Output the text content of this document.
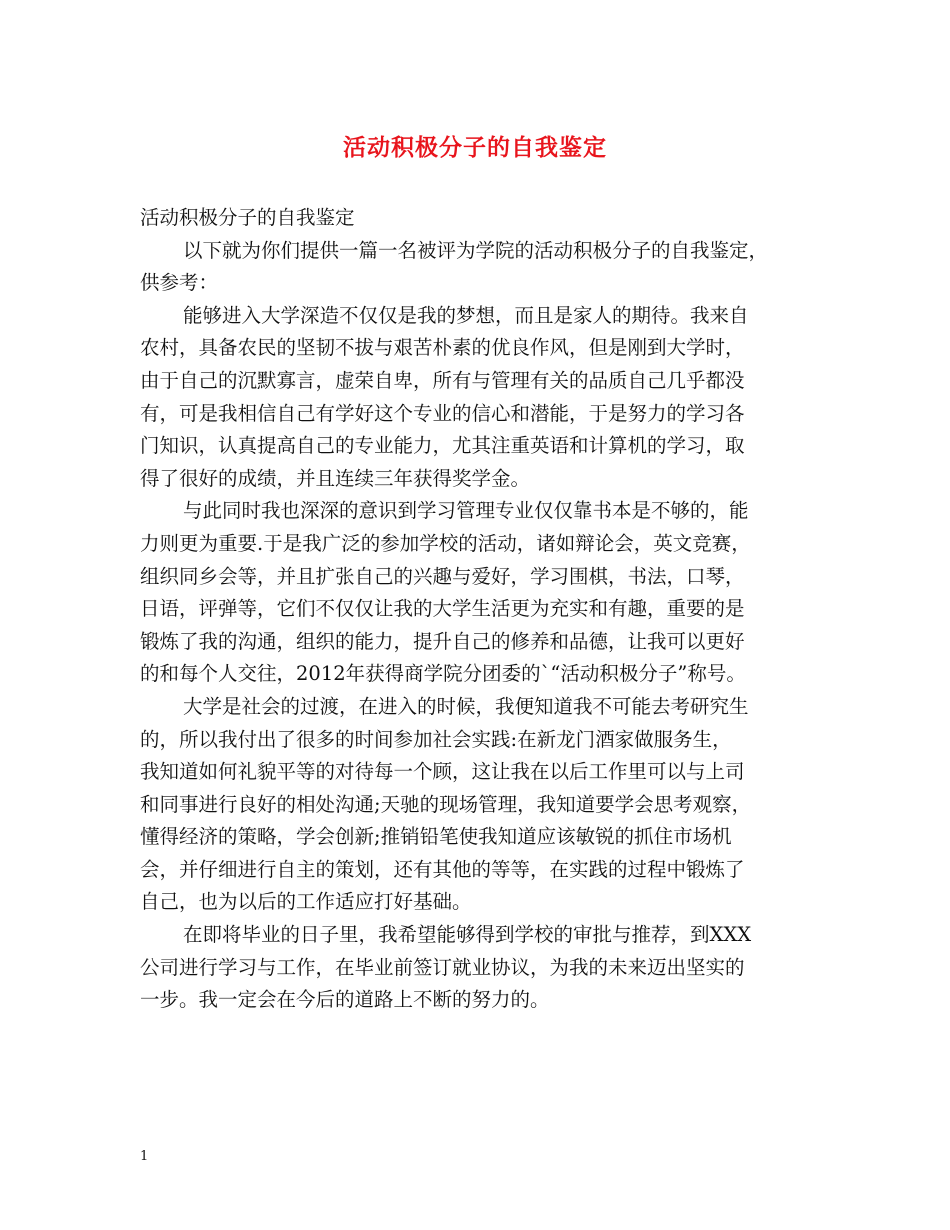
活动积极分子的自我鉴定
活动积极分子的自我鉴定
以下就为你们提供一篇一名被评为学院的活动积极分子的自我鉴定，
供参考：
能够进入大学深造不仅仅是我的梦想，而且是家人的期待。我来自
农村，具备农民的坚韧不拔与艰苦朴素的优良作风，但是刚到大学时，
由于自己的沉默寡言，虚荣自卑，所有与管理有关的品质自己几乎都没
有，可是我相信自己有学好这个专业的信心和潜能，于是努力的学习各
门知识，认真提高自己的专业能力，尤其注重英语和计算机的学习，取
得了很好的成绩，并且连续三年获得奖学金。
与此同时我也深深的意识到学习管理专业仅仅靠书本是不够的，能
力则更为重要.于是我广泛的参加学校的活动，诸如辩论会，英文竞赛，
组织同乡会等，并且扩张自己的兴趣与爱好，学习围棋，书法，口琴，
日语，评弹等，它们不仅仅让我的大学生活更为充实和有趣，重要的是
锻炼了我的沟通，组织的能力，提升自己的修养和品德，让我可以更好
的和每个人交往，2012年获得商学院分团委的`“活动积极分子”称号。
大学是社会的过渡，在进入的时候，我便知道我不可能去考研究生
的，所以我付出了很多的时间参加社会实践:在新龙门酒家做服务生，
我知道如何礼貌平等的对待每一个顾，这让我在以后工作里可以与上司
和同事进行良好的相处沟通;天驰的现场管理，我知道要学会思考观察，
懂得经济的策略，学会创新;推销铅笔使我知道应该敏锐的抓住市场机
会，并仔细进行自主的策划，还有其他的等等，在实践的过程中锻炼了
自己，也为以后的工作适应打好基础。
在即将毕业的日子里，我希望能够得到学校的审批与推荐，到XXX
公司进行学习与工作，在毕业前签订就业协议，为我的未来迈出坚实的
一步。我一定会在今后的道路上不断的努力的。
1
